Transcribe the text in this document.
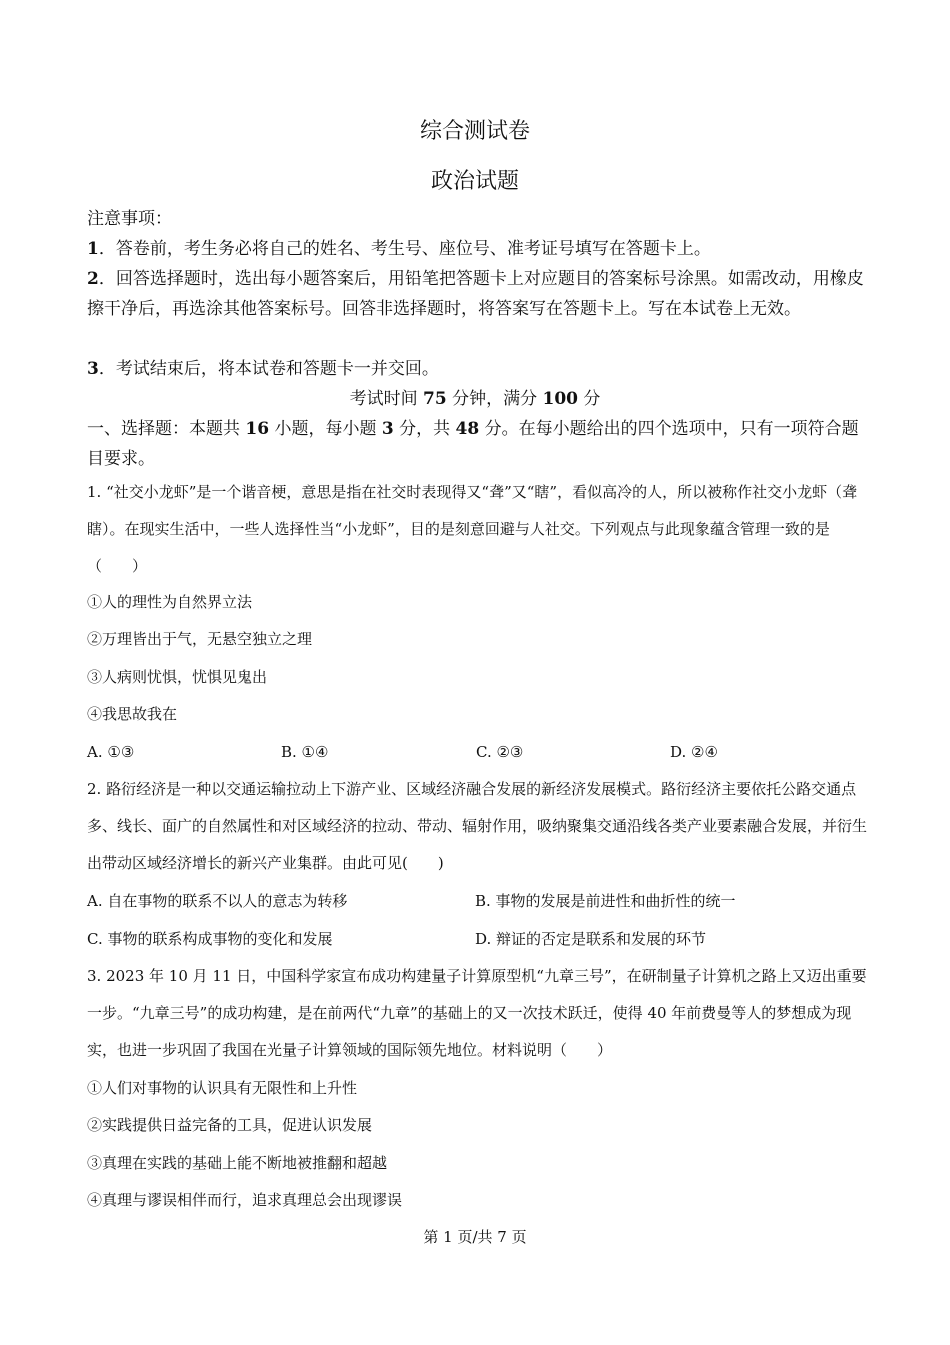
综合测试卷
政治试题
注意事项：
1．答卷前，考生务必将自己的姓名、考生号、座位号、准考证号填写在答题卡上。
2．回答选择题时，选出每小题答案后，用铅笔把答题卡上对应题目的答案标号涂黑。如需改动，用橡皮擦干净后，再选涂其他答案标号。回答非选择题时，将答案写在答题卡上。写在本试卷上无效。
3．考试结束后，将本试卷和答题卡一并交回。
考试时间 75 分钟，满分 100 分
一、选择题：本题共 16 小题，每小题 3 分，共 48 分。在每小题给出的四个选项中，只有一项符合题目要求。
1. “社交小龙虾”是一个谐音梗，意思是指在社交时表现得又“聋”又“瞎”，看似高冷的人，所以被称作社交小龙虾（聋瞎）。在现实生活中，一些人选择性当“小龙虾”，目的是刻意回避与人社交。下列观点与此现象蕴含管理一致的是（　　）
①人的理性为自然界立法
②万理皆出于气，无悬空独立之理
③人病则忧惧，忧惧见鬼出
④我思故我在
A. ①③	B. ①④	C. ②③	D. ②④
2. 路衍经济是一种以交通运输拉动上下游产业、区域经济融合发展的新经济发展模式。路衍经济主要依托公路交通点多、线长、面广的自然属性和对区域经济的拉动、带动、辐射作用，吸纳聚集交通沿线各类产业要素融合发展，并衍生出带动区域经济增长的新兴产业集群。由此可见(　　)
A. 自在事物的联系不以人的意志为转移	B. 事物的发展是前进性和曲折性的统一
C. 事物的联系构成事物的变化和发展	D. 辩证的否定是联系和发展的环节
3. 2023 年 10 月 11 日，中国科学家宣布成功构建量子计算原型机“九章三号”，在研制量子计算机之路上又迈出重要一步。“九章三号”的成功构建，是在前两代“九章”的基础上的又一次技术跃迁，使得 40 年前费曼等人的梦想成为现实，也进一步巩固了我国在光量子计算领域的国际领先地位。材料说明（　　）
①人们对事物的认识具有无限性和上升性
②实践提供日益完备的工具，促进认识发展
③真理在实践的基础上能不断地被推翻和超越
④真理与谬误相伴而行，追求真理总会出现谬误
第 1 页/共 7 页
